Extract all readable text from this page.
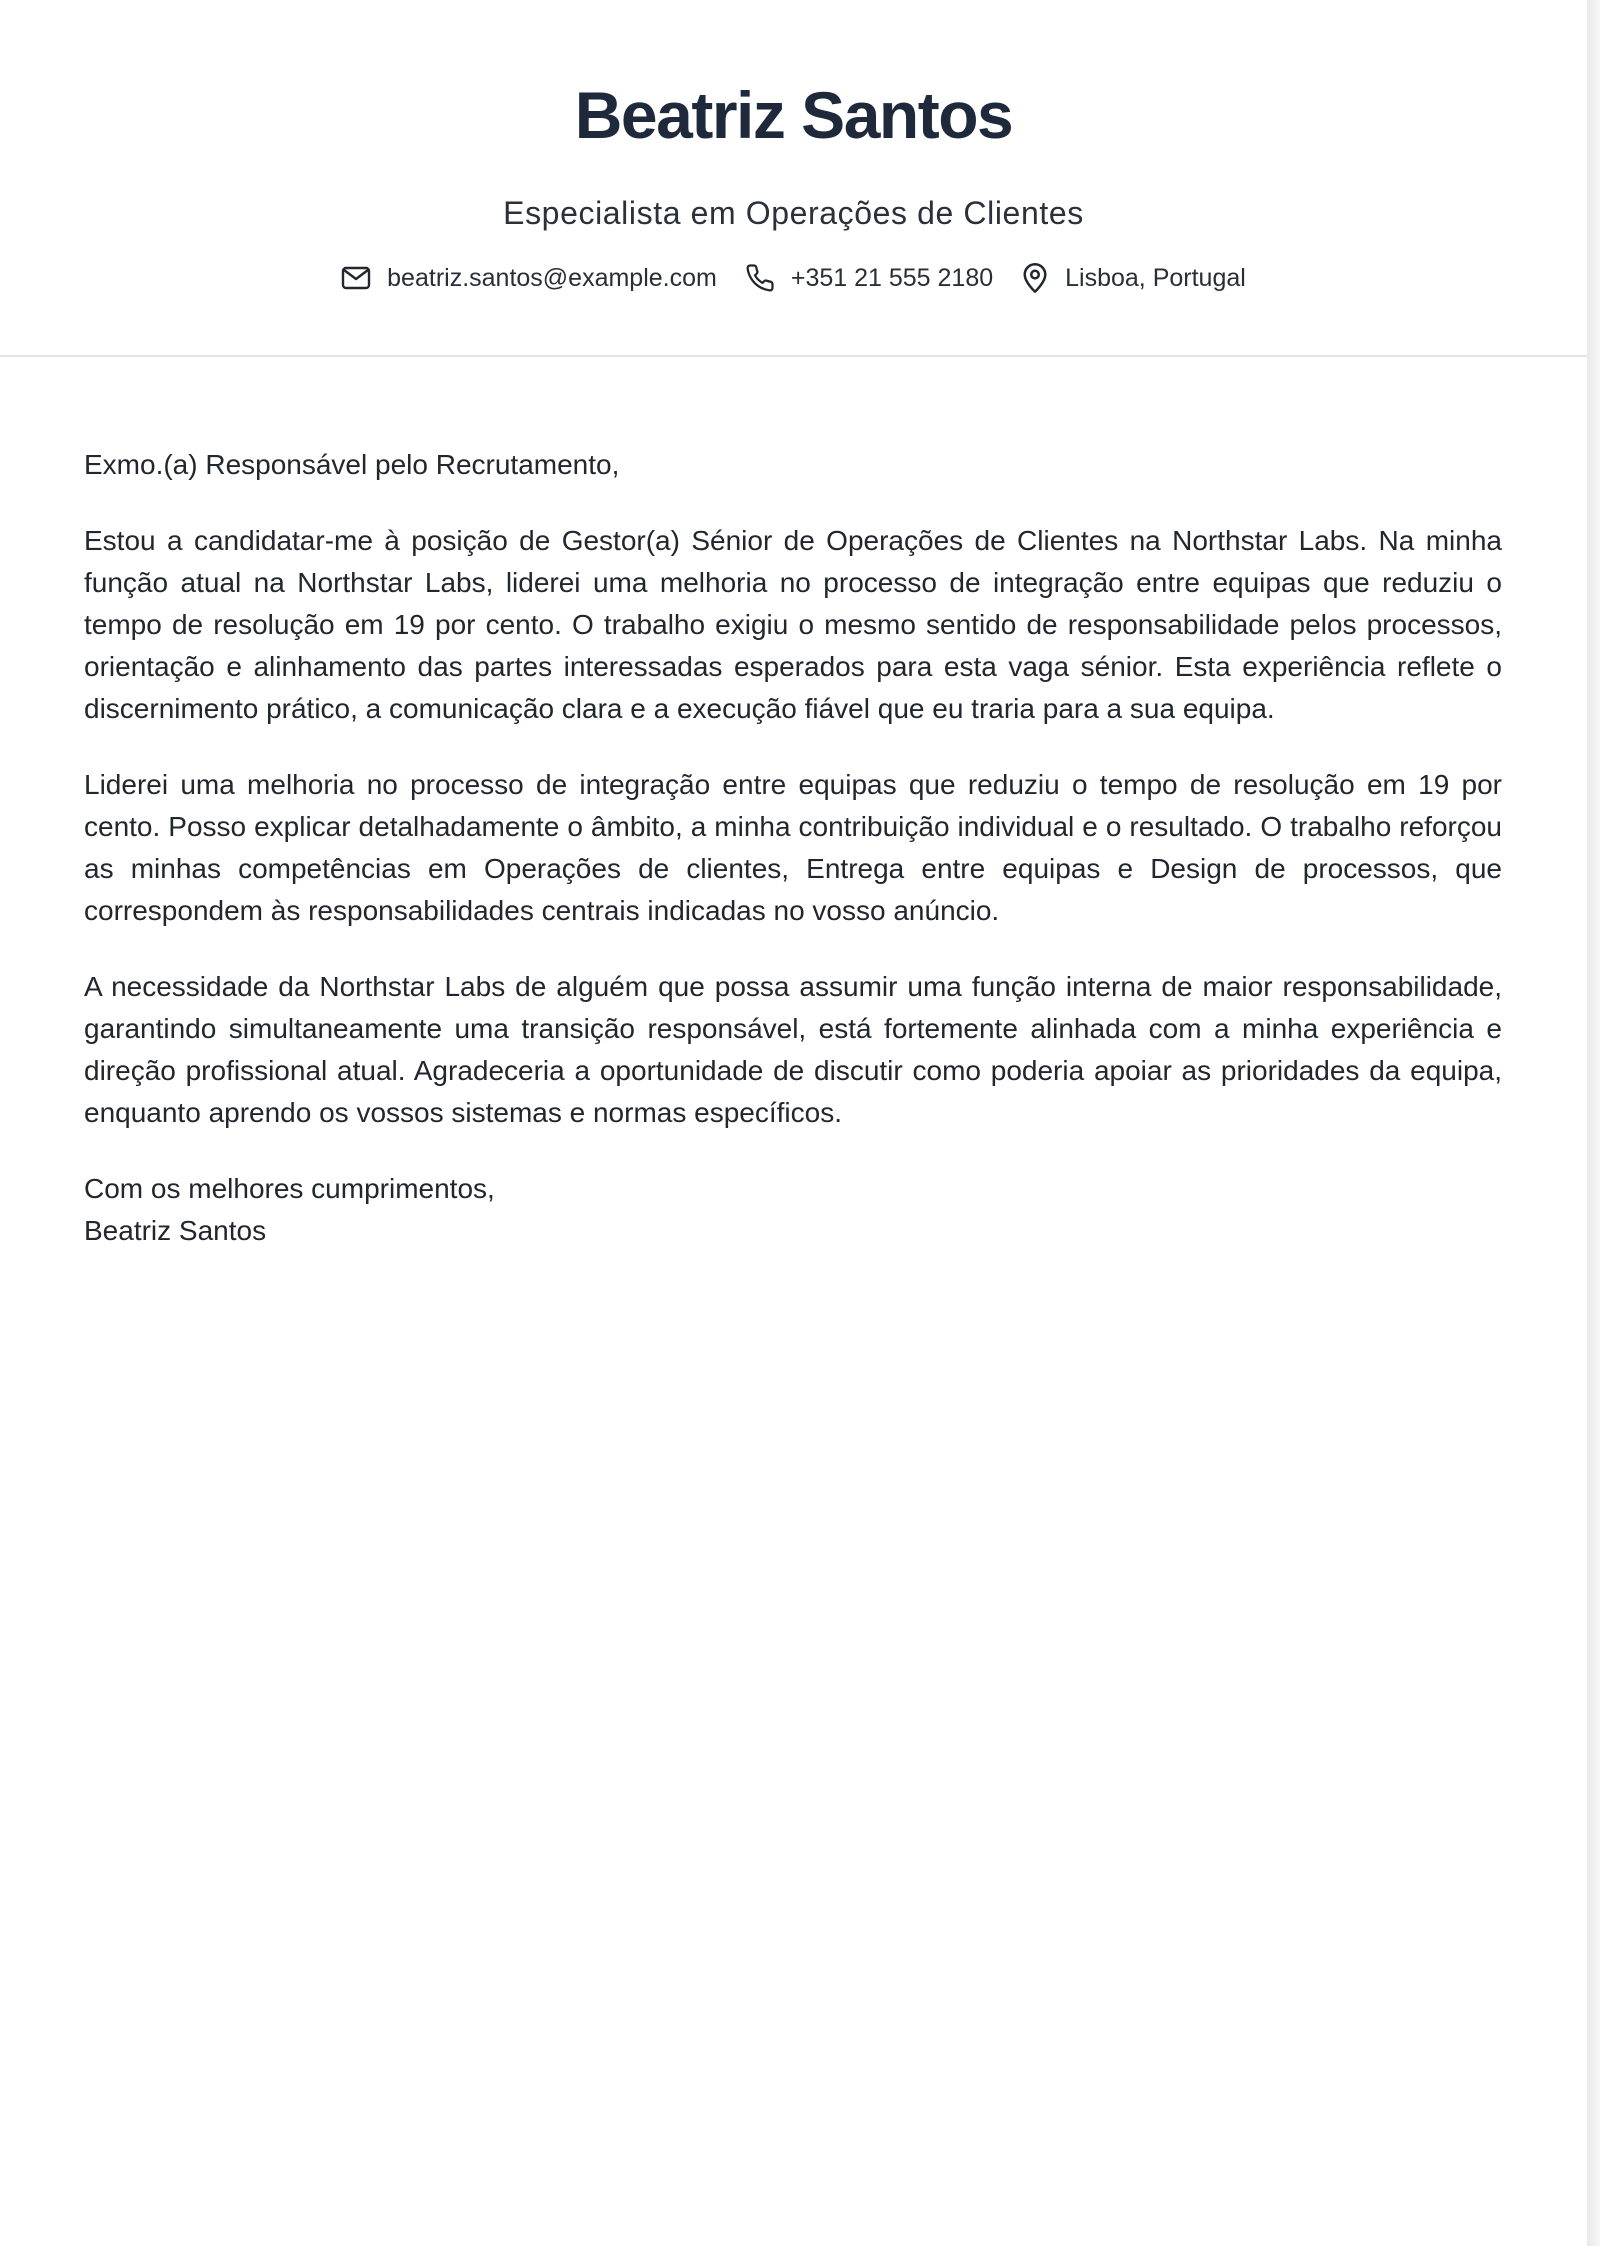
Beatriz Santos
Especialista em Operações de Clientes
beatriz.santos@example.com	+351 21 555 2180	Lisboa, Portugal

Exmo.(a) Responsável pelo Recrutamento,

Estou a candidatar-me à posição de Gestor(a) Sénior de Operações de Clientes na Northstar Labs. Na minha função atual na Northstar Labs, liderei uma melhoria no processo de integração entre equipas que reduziu o tempo de resolução em 19 por cento. O trabalho exigiu o mesmo sentido de responsabilidade pelos processos, orientação e alinhamento das partes interessadas esperados para esta vaga sénior. Esta experiência reflete o discernimento prático, a comunicação clara e a execução fiável que eu traria para a sua equipa.

Liderei uma melhoria no processo de integração entre equipas que reduziu o tempo de resolução em 19 por cento. Posso explicar detalhadamente o âmbito, a minha contribuição individual e o resultado. O trabalho reforçou as minhas competências em Operações de clientes, Entrega entre equipas e Design de processos, que correspondem às responsabilidades centrais indicadas no vosso anúncio.

A necessidade da Northstar Labs de alguém que possa assumir uma função interna de maior responsabilidade, garantindo simultaneamente uma transição responsável, está fortemente alinhada com a minha experiência e direção profissional atual. Agradeceria a oportunidade de discutir como poderia apoiar as prioridades da equipa, enquanto aprendo os vossos sistemas e normas específicos.

Com os melhores cumprimentos,
Beatriz Santos
